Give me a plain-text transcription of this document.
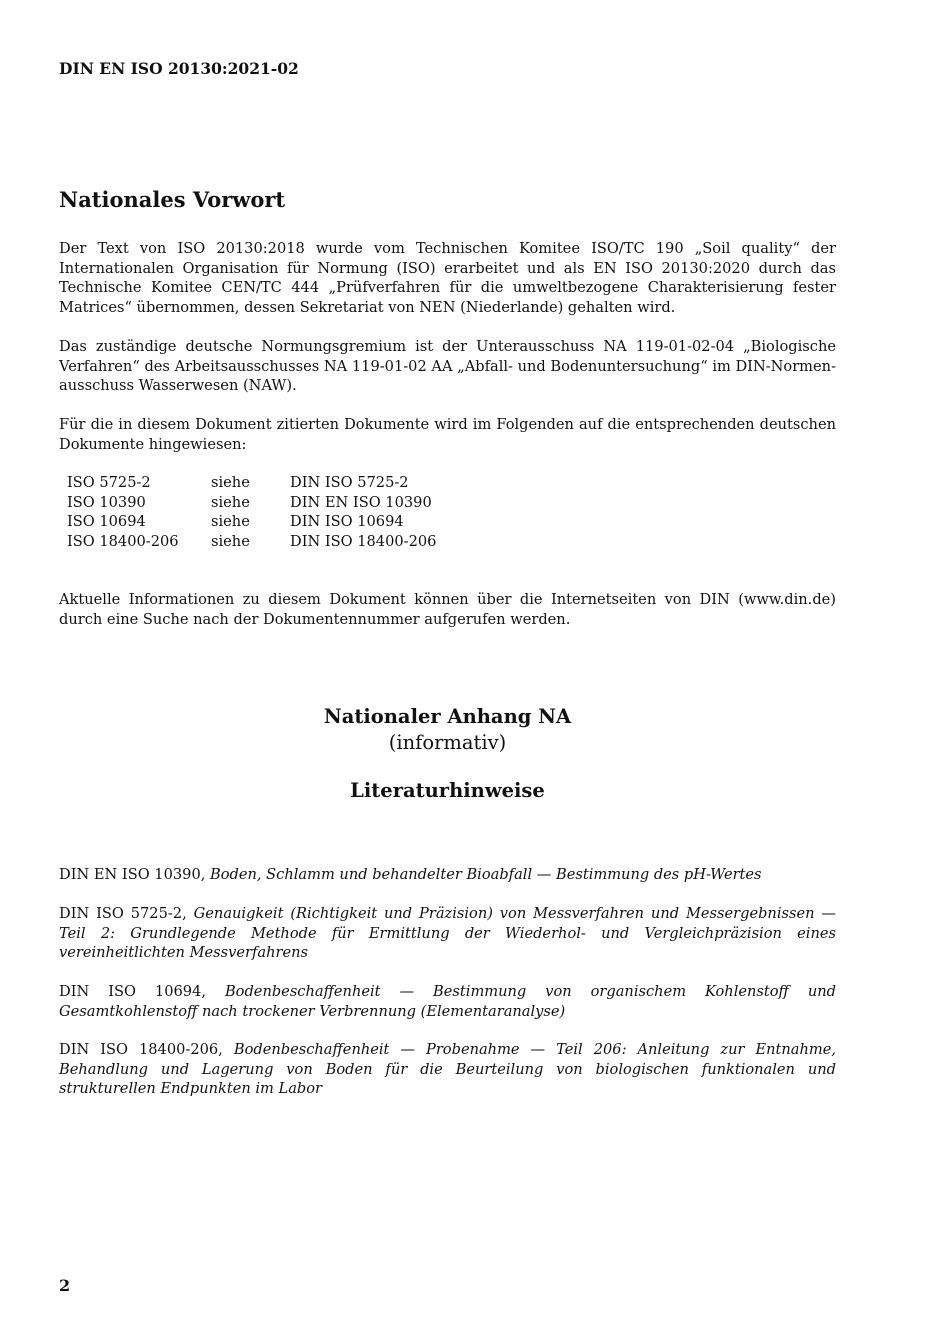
DIN EN ISO 20130:2021-02
Nationales Vorwort

Der Text von ISO 20130:2018 wurde vom Technischen Komitee ISO/TC 190 „Soil quality“ der Internationalen Organisation für Normung (ISO) erarbeitet und als EN ISO 20130:2020 durch das Technische Komitee CEN/TC 444 „Prüfverfahren für die umweltbezogene Charakterisierung fester Matrices“ übernommen, dessen Sekretariat von NEN (Niederlande) gehalten wird.

Das zuständige deutsche Normungsgremium ist der Unterausschuss NA 119-01-02-04 „Biologische Verfahren“ des Arbeitsausschusses NA 119-01-02 AA „Abfall- und Bodenuntersuchung“ im DIN-Normenausschuss Wasserwesen (NAW).

Für die in diesem Dokument zitierten Dokumente wird im Folgenden auf die entsprechenden deutschen Dokumente hingewiesen:

ISO 5725-2	siehe	DIN ISO 5725-2
ISO 10390	siehe	DIN EN ISO 10390
ISO 10694	siehe	DIN ISO 10694
ISO 18400-206	siehe	DIN ISO 18400-206

Aktuelle Informationen zu diesem Dokument können über die Internetseiten von DIN (www.din.de) durch eine Suche nach der Dokumentennummer aufgerufen werden.

Nationaler Anhang NA
(informativ)
Literaturhinweise

DIN EN ISO 10390, Boden, Schlamm und behandelter Bioabfall — Bestimmung des pH-Wertes

DIN ISO 5725-2, Genauigkeit (Richtigkeit und Präzision) von Messverfahren und Messergebnissen — Teil 2: Grundlegende Methode für Ermittlung der Wiederhol- und Vergleichpräzision eines vereinheitlichten Messverfahrens

DIN ISO 10694, Bodenbeschaffenheit — Bestimmung von organischem Kohlenstoff und Gesamtkohlenstoff nach trockener Verbrennung (Elementaranalyse)

DIN ISO 18400-206, Bodenbeschaffenheit — Probenahme — Teil 206: Anleitung zur Entnahme, Behandlung und Lagerung von Boden für die Beurteilung von biologischen funktionalen und strukturellen Endpunkten im Labor

2
